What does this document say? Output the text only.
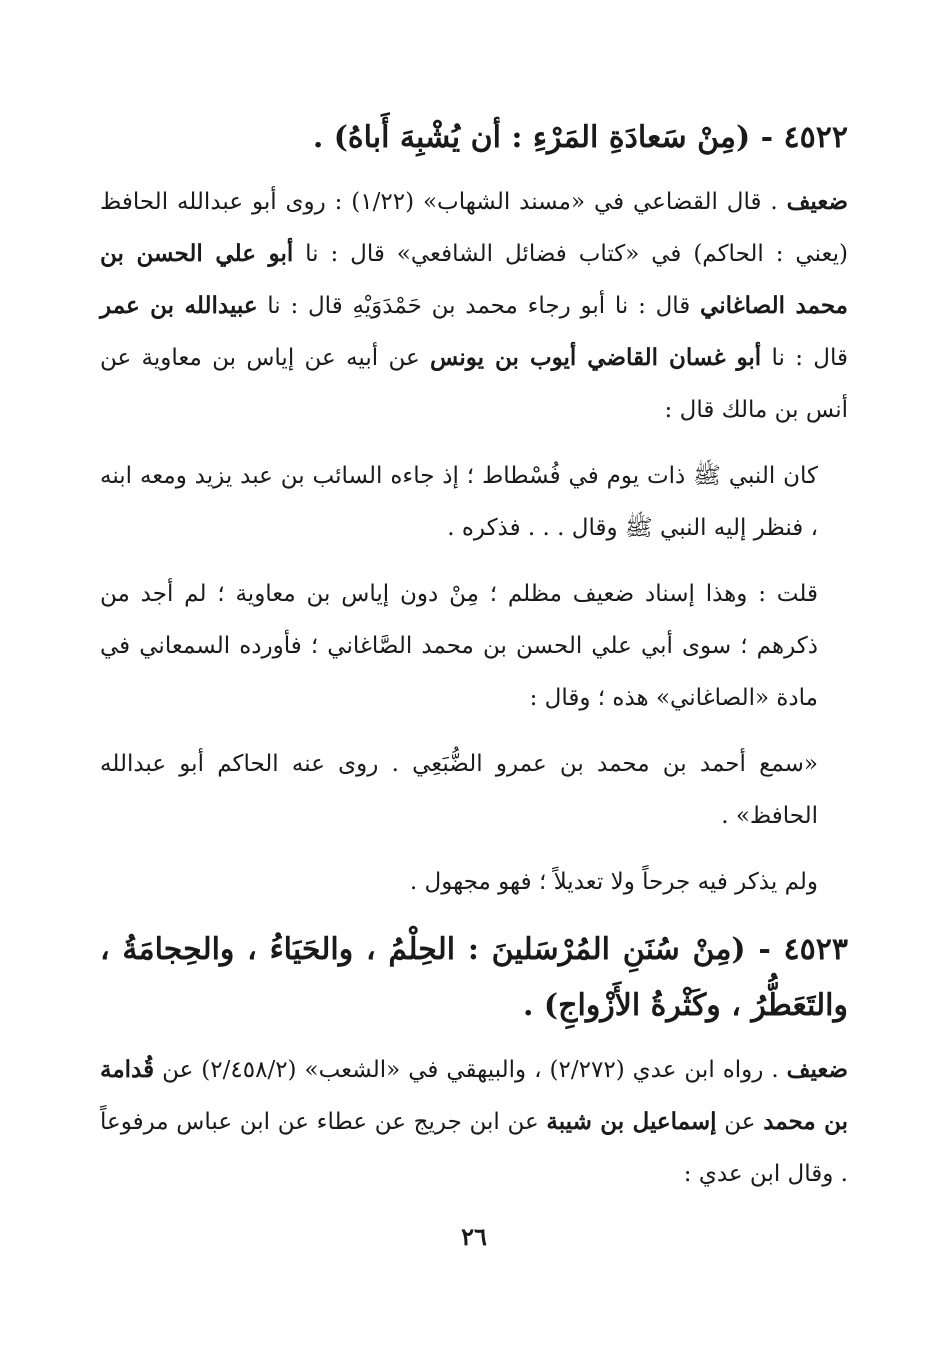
٤٥٢٢ - (مِنْ سَعادَةِ المَرْءِ : أن يُشْبِهَ أَباهُ) .

ضعيف . قال القضاعي في «مسند الشهاب» (١/٢٢) : روى أبو عبدالله الحافظ (يعني : الحاكم) في «كتاب فضائل الشافعي» قال : نا أبو علي الحسن بن محمد الصاغاني قال : نا أبو رجاء محمد بن حَمْدَوَيْهِ قال : نا عبيدالله بن عمر قال : نا أبو غسان القاضي أيوب بن يونس عن أبيه عن إياس بن معاوية عن أنس بن مالك قال :

كان النبي ﷺ ذات يوم في فُسْطاط ؛ إذ جاءه السائب بن عبد يزيد ومعه ابنه ، فنظر إليه النبي ﷺ وقال . . . فذكره .

قلت : وهذا إسناد ضعيف مظلم ؛ مِنْ دون إياس بن معاوية ؛ لم أجد من ذكرهم ؛ سوى أبي علي الحسن بن محمد الصَّاغاني ؛ فأورده السمعاني في مادة «الصاغاني» هذه ؛ وقال :

«سمع أحمد بن محمد بن عمرو الضُّبَعِي . روى عنه الحاكم أبو عبدالله الحافظ» .

ولم يذكر فيه جرحاً ولا تعديلاً ؛ فهو مجهول .

٤٥٢٣ - (مِنْ سُنَنِ المُرْسَلينَ : الحِلْمُ ، والحَيَاءُ ، والحِجامَةُ ، والتَعَطُّرُ ، وكَثْرةُ الأَزْواجِ) .

ضعيف . رواه ابن عدي (٢/٢٧٢) ، والبيهقي في «الشعب» (٢/٤٥٨/٢) عن قُدامة بن محمد عن إسماعيل بن شيبة عن ابن جريج عن عطاء عن ابن عباس مرفوعاً . وقال ابن عدي :

٢٦
